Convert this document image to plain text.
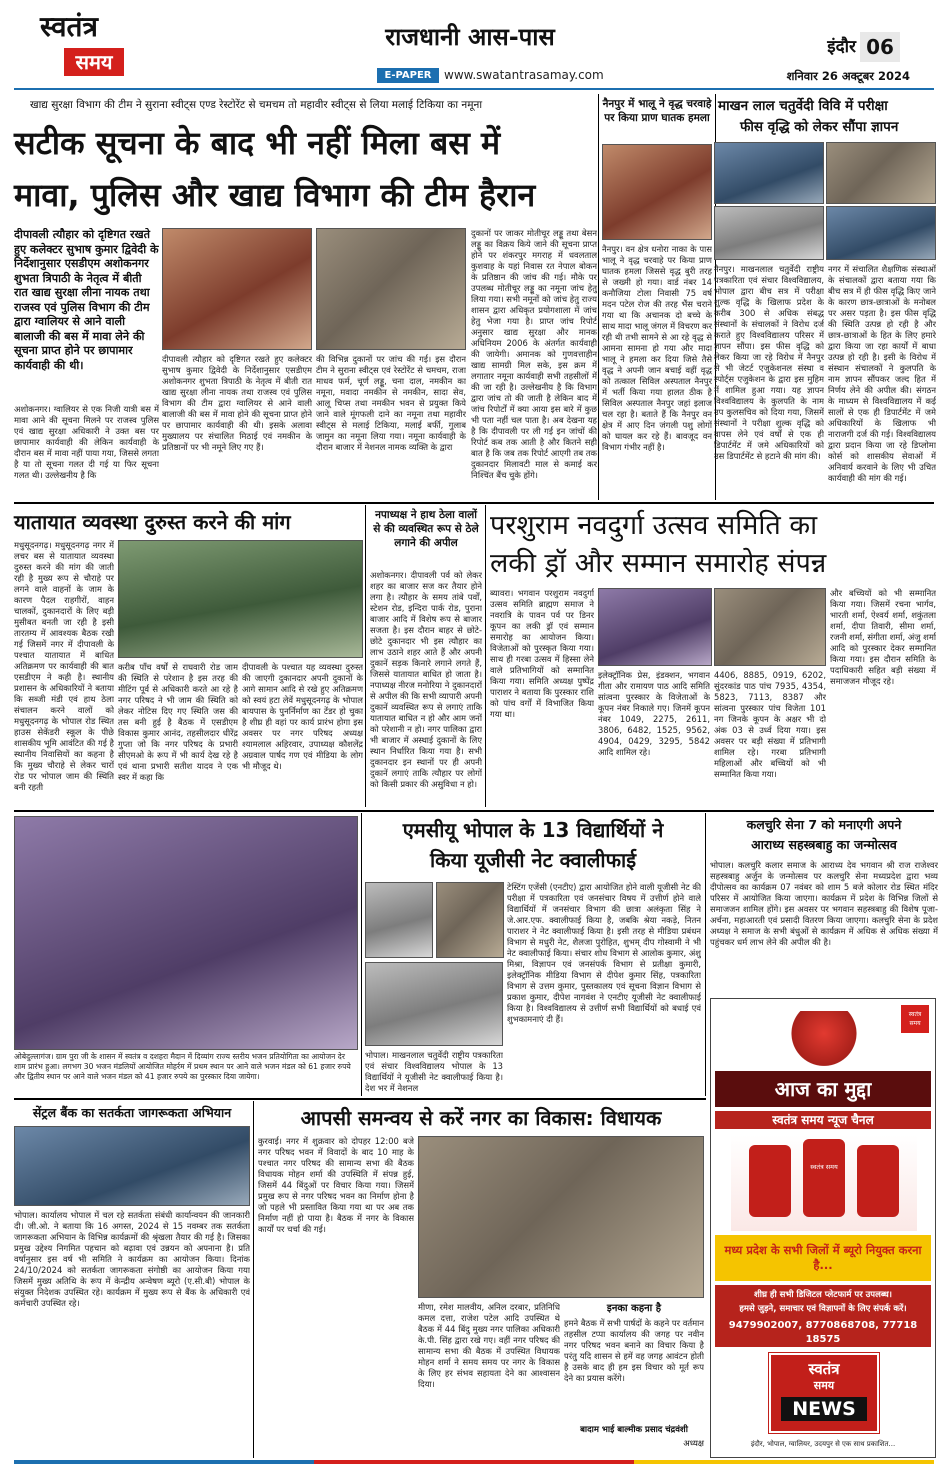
स्वतंत्र
समय
राजधानी आस-पास
E-PAPER	www.swatantrasamay.com
इंदौर 06
शनिवार 26 अक्टूबर 2024
खाद्य सुरक्षा विभाग की टीम ने सुराना स्वीट्स एण्ड रेस्टोरेंट से चमचम तो महावीर स्वीट्स से लिया मलाई टिकिया का नमूना
सटीक सूचना के बाद भी नहीं मिला बस में
मावा, पुलिस और खाद्य विभाग की टीम हैरान
दीपावली त्यौहार को दृष्टिगत रखते हुए कलेक्टर सुभाष कुमार द्विवेदी के निर्देशानुसार एसडीएम अशोकनगर शुभता त्रिपाठी के नेतृत्व में बीती रात खाद्य सुरक्षा लीना नायक तथा राजस्व एवं पुलिस विभाग की टीम द्वारा ग्वालियर से आने वाली बालाजी की बस में मावा लेने की सूचना प्राप्त होने पर छापामार कार्यवाही की थी।
अशोकनगर। ग्वालियर से एक निजी यात्री बस में मावा आने की सूचना मिलने पर राजस्व पुलिस एवं खाद्य सुरक्षा अधिकारी ने उक्त बस पर छापामार कार्यवाही की लेकिन कार्यवाही के दौरान बस में मावा नहीं पाया गया, जिससे लगता है या तो सूचना गलत दी गई या फिर सूचना गलत थी। उल्लेखनीय है कि
दीपावली त्यौहार को दृष्टिगत रखते हुए कलेक्टर सुभाष कुमार द्विवेदी के निर्देशानुसार एसडीएम अशोकनगर शुभता त्रिपाठी के नेतृत्व में बीती रात खाद्य सुरक्षा लीना नायक तथा राजस्व एवं पुलिस विभाग की टीम द्वारा ग्वालियर से आने वाली बालाजी की बस में मावा होने की सूचना प्राप्त होने पर छापामार कार्यवाही की थी। इसके अलावा मुख्यालय पर संचालित मिठाई एवं नमकीन के प्रतिष्ठानों पर भी नमूने लिए गए हैं।
की विभिन्न दुकानों पर जांच की गई। इस दौरान टीम ने सुराना स्वीट्स एवं रेस्टोरेंट से चमचम, राजा माधव फर्म, चूर्ण लड्डू, चना दाल, नमकीन का नमूना, मवादा नमकीन से नमकीन, सादा सेव, आलू चिप्स तथा नमकीन भवन से प्रयुक्त किये जाने वाले मूंगफली दाने का नमूना तथा महावीर स्वीट्स से मलाई टिकिया, मलाई बर्फी, गुलाब जामुन का नमूना लिया गया। नमूना कार्यवाही के दौरान बाजार में नेशनल नामक व्यक्ति के द्वारा
दुकानों पर जाकर मोतीचूर लड्डू तथा बेसन लड्डू का विक्रय किये जाने की सूचना प्राप्त होने पर शंकरपुर मगराह में धवलताल कुशवाह के यहां निवास रत नेपाल बोकन के प्रतिष्ठान की जांच की गई। मौके पर उपलब्ध मोतीचूर लड्डू का नमूना जांच हेतु लिया गया। सभी नमूनों को जांच हेतु राज्य शासन द्वारा अधिकृत प्रयोगशाला में जांच हेतु भेजा गया है। प्राप्त जांच रिपोर्ट अनुसार खाद्य सुरक्षा और मानक अधिनियम 2006 के अंतर्गत कार्यवाही की जायेगी। अमानक को गुणवत्ताहीन खाद्य सामग्री मिल सके, इस क्रम में लगातार नमूना कार्यवाही सभी तहसीलों में की जा रही है। उल्लेखनीय है कि विभाग द्वारा जांच तो की जाती है लेकिन बाद में जांच रिपोर्टों में क्या आया इस बारे में कुछ भी पता नहीं चल पाता है। अब देखना यह है कि दीपावली पर ली गई इन जांचों की रिपोर्ट कब तक आती है और कितने सही बात है कि जब तक रिपोर्ट आएगी तब तक दुकानदार मिलावटी माल से कमाई कर निश्चिंत बैंच चुके होंगे।
नैनपुर में भालू ने वृद्ध चरवाहे पर किया प्राण घातक हमला
नैनपुर। वन क्षेत्र धनोरा नाका के पास भालू ने वृद्ध चरवाहे पर किया प्राण घातक हमला जिससे वृद्ध बुरी तरह से जख्मी हो गया। वार्ड नंबर 14 कनौजिया टोला निवासी 75 वर्ष मदन पटेल रोज की तरह भैंस चराने गया था कि अचानक दो बच्चे के साथ मादा भालू जंगल में विचरण कर रही थी तभी सामने से आ रहे वृद्ध से आमना सामना हो गया और मादा भालू ने हमला कर दिया जिसे तैसे वृद्ध ने अपनी जान बचाई वहीं वृद्ध को तत्काल सिविल अस्पताल नैनपुर में भर्ती किया गया हालत ठीक है सिविल अस्पताल नैनपुर जहां इलाज चल रहा है। बताते हैं कि नैनपुर वन क्षेत्र में आए दिन जंगली पशु लोगों को घायल कर रहे हैं। बावजूद वन विभाग गंभीर नहीं है।
माखन लाल चतुर्वेदी विवि में परीक्षा
फीस वृद्धि को लेकर सौंपा ज्ञापन
नैनपुर। माखनलाल चतुर्वेदी राष्ट्रीय पत्रकारिता एवं संचार विश्वविद्यालय, भोपाल द्वारा बीच सत्र में परीक्षा शुल्क वृद्धि के खिलाफ प्रदेश के करीब 300 से अधिक संबद्ध संस्थानों के संचालकों ने विरोध दर्ज कराते हुए विश्वविद्यालय परिसर में ज्ञापन सौंपा। इस फीस वृद्धि को लेकर किया जा रहे विरोध में नैनपुर से भी जेटर्ट एजुकेशनल संस्था व स्पोर्ट्स एजुकेशन के द्वारा इस मुहिम में शामिल हुआ गया। यह ज्ञापन विश्वविद्यालय के कुलपति के नाम उप कुलसचिव को दिया गया, जिसमें संस्थानों ने परीक्षा शुल्क वृद्धि को वापस लेने एवं वर्षों से एक ही डिपार्टमेंट में जमे अधिकारियों को उस डिपार्टमेंट से हटाने की मांग की।
नगर में संचालित शैक्षणिक संस्थाओं के संचालकों द्वारा बताया गया कि बीच सत्र में ही फीस वृद्धि किए जाने के कारण छात्र-छात्राओं के मनोबल पर असर पड़ता है। इस फीस वृद्धि की स्थिति उत्पन्न हो रही है और छात्र-छात्राओं के हित के लिए हमारे द्वारा किया जा रहा कार्यों में बाधा उत्पन्न हो रही है। इसी के विरोध में संस्थान संचालकों ने कुलपति के नाम ज्ञापन सौंपकर जल्द हित में निर्णय लेने की अपील की। संगठन के माध्यम से विश्वविद्यालय में कई सालों से एक ही डिपार्टमेंट में जमे अधिकारियों के खिलाफ भी नाराजगी दर्ज की गई। विश्वविद्यालय द्वारा प्रदान किया जा रहे डिप्लोमा कोर्स को शासकीय सेवाओं में अनिवार्य करवाने के लिए भी उचित कार्यवाही की मांग की गई।
यातायात व्यवस्था दुरुस्त करने की मांग
मधुसूदनगढ़। मधुसूदनगढ़ नगर में लचर बस से यातायात व्यवस्था दुरुस्त करने की मांग की जाती रही है मुख्य रूप से चौराहे पर लगने वाले वाहनों के जाम के कारण पैदल राहगीरों, वाहन चालकों, दुकानदारों के लिए बड़ी मुसीबत बनती जा रही है इसी तारतम्य में आवश्यक बैठक रखी गई जिसमें नगर में दीपावली के पश्चात यातायात में बाधित अतिक्रमण पर कार्यवाही की बात एसडीएम ने कही है। स्थानीय प्रशासन के अधिकारियों ने बताया कि सब्जी मंडी एवं हाथ ठेला संचालन करने वालों को मधुसूदनगढ़ के भोपाल रोड स्थित हाउस सेकेंडरी स्कूल के पीछे शासकीय भूमि आवंटित की गई है स्थानीय निवासियों का कहना है कि मुख्य चौराहे से लेकर चारों रोड पर भोपाल जाम की स्थिति बनी रहती
करीब पाँच वर्षों से राघवारी रोड जाम की स्थिति से परेशान है इस तरह की मीटिंग पूर्व से अधिकारी करते आ रहे है नगर परिषद ने भी जाम की स्थिति को लेकर नोटिस दिए गए स्थिति जस की तस बनी हुई है बैठक में एसडीएम विकास कुमार आनंद, तहसीलदार धीरेंद्र गुप्ता जो कि नगर परिषद के प्रभारी सीएमओ के रूप में भी कार्य देख रहे है एवं थाना प्रभारी सतीश यादव ने एक स्वर में कहा कि
दीपावली के पश्चात यह व्यवस्था दुरुस्त की जाएगी दुकानदार अपनी दुकानों के आगे सामान आदि से रखे हुए अतिक्रमण को स्वयं हटा लेवें मधुसूदनगढ़ के भोपाल बायपास के पुनर्निर्माण का टेंडर हो चुका है शीघ्र ही वहां पर कार्य प्रारंभ होगा इस अवसर पर नगर परिषद अध्यक्ष श्यामलाल अहिरवार, उपाध्यक्ष कौशलेंद्र अग्रवाल पार्षद गण एवं मीडिया के लोग भी मौजूद थे।
नपाध्यक्ष ने हाथ ठेला वालों से की व्यवस्थित रूप से ठेले लगाने की अपील
अशोकनगर। दीपावली पर्व को लेकर शहर का बाजार सज कर तैयार होने लगा है। त्यौहार के समय तांबे पर्वों, स्टेशन रोड, इन्दिरा पार्क रोड, पुराना बाजार आदि में विशेष रूप से बाजार सजता है। इस दौरान बाहर से छोटे-छोटे दुकानदार भी इस त्यौहार का लाभ उठाने शहर आते हैं और अपनी दुकानें सड़क किनारे लगाने लगते हैं, जिससे यातायात बाधित हो जाता है। नपाध्यक्ष नीरज मनोरिया ने दुकानदारों से अपील की कि सभी व्यापारी अपनी दुकानें व्यवस्थित रूप से लगाएं ताकि यातायात बाधित न हो और आम जनों को परेशानी न हो। नगर पालिका द्वारा भी बाजार में अस्थाई दुकानों के लिए स्थान निर्धारित किया गया है। सभी दुकानदार इन स्थानों पर ही अपनी दुकानें लगाएं ताकि त्यौहार पर लोगों को किसी प्रकार की असुविधा न हो।
परशुराम नवदुर्गा उत्सव समिति का
लकी ड्रॉ और सम्मान समारोह संपन्न
ब्यावरा। भगवान परशुराम नवदुर्गा उत्सव समिति ब्राह्मण समाज ने नवरात्रि के पावन पर्व पर डिनर कूपन का लकी ड्रॉ एवं सम्मान समारोह का आयोजन किया। विजेताओं को पुरस्कृत किया गया। साथ ही गरबा उत्सव में हिस्सा लेने वाले प्रतिभागियों को सम्मानित किया गया। समिति अध्यक्ष पुष्पेंद्र पाराशर ने बताया कि पुरस्कार राशि को पांच वर्गों में विभाजित किया गया था।
इलेक्ट्रॉनिक प्रेस, इंडक्शन, भगवान गीता और रामायण पाठ आदि समिति सांत्वना पुरस्कार के विजेताओं के कूपन नंबर निकाले गए। जिनमें कूपन नंबर 1049, 2275, 2611, 3806, 6482, 1525, 9562, 4904, 0429, 3295, 5842 आदि शामिल रहे।
4406, 8885, 0919, 6202, सुंदरकांड पाठ पांच 7935, 4354, 5823, 7113, 8387 और सांत्वना पुरस्कार पांच विजेता 101 नग जिनके कूपन के अक्षर भी दो अंक 03 से उर्ध्व दिया गया। इस अवसर पर बड़ी संख्या में प्रतिभागी शामिल रहे। गरबा प्रतिभागी महिलाओं और बच्चियों को भी सम्मानित किया गया।
और बच्चियों को भी सम्मानित किया गया। जिसमें रचना भार्गव, भारती शर्मा, ऐश्वर्य शर्मा, शकुंतला शर्मा, दीपा तिवारी, सीमा शर्मा, रजनी शर्मा, संगीता शर्मा, अंजु शर्मा आदि को पुरस्कार देकर सम्मानित किया गया। इस दौरान समिति के पदाधिकारी सहित बड़ी संख्या में समाजजन मौजूद रहे।
ओबेदुल्लागंज। ग्राम पुरा जी के शासन में स्वतंत्र व दशहरा मैदान में दिव्यांग राज्य स्तरीय भजन प्रतियोगिता का आयोजन देर शाम प्रारंभ हुआ। लगभग 30 भजन मंडलियों आयोजित मोहर्रम में प्रथम स्थान पर आने वाले भजन मंडल को 61 हजार रुपये और द्वितीय स्थान पर आने वाले भजन मंडल को 41 हजार रुपये का पुरस्कार दिया जायेगा।
एमसीयू भोपाल के 13 विद्यार्थियों ने
किया यूजीसी नेट क्वालीफाई
टेस्टिंग एजेंसी (एनटीए) द्वारा आयोजित होने वाली यूजीसी नेट की परीक्षा में पत्रकारिता एवं जनसंचार विषय में उत्तीर्ण होने वाले विद्यार्थियों में जनसंचार विभाग की छात्रा अलंकृता सिंह ने जे.आर.एफ. क्वालीफाई किया है, जबकि श्रेया नकड़े, नितन पाराशर ने नेट क्वालीफाई किया है। इसी तरह से मीडिया प्रबंधन विभाग से मधुरी नेट, शैलजा पुरोहित, शुभम्‌ दीप गोस्वामी ने भी नेट क्वालीफाई किया। संचार शोध विभाग से आलोक कुमार, अंशु मिश्रा, विज्ञापन एवं जनसंपर्क विभाग से प्रतीक्षा कुमारी, इलेक्ट्रॉनिक मीडिया विभाग से दीपेश कुमार सिंह, पत्रकारिता विभाग से उत्तम कुमार, पुस्तकालय एवं सूचना विज्ञान विभाग से प्रकाश कुमार, दीपेश नागवंश ने एनटीए यूजीसी नेट क्वालीफाई किया है। विश्वविद्यालय से उत्तीर्ण सभी विद्यार्थियों को बधाई एवं शुभकामनाएं दी हैं।
भोपाल। माखनलाल चतुर्वेदी राष्ट्रीय पत्रकारिता एवं संचार विश्वविद्यालय भोपाल के 13 विद्यार्थियों ने यूजीसी नेट क्वालीफाई किया है। देश भर में नेशनल
कलचुरि सेना 7 को मनाएगी अपने
आराध्य सहस्त्रबाहु का जन्मोत्सव
भोपाल। कलचुरि कलार समाज के आराध्य देव भगवान श्री राज राजेश्वर सहस्त्रबाहु अर्जुन के जन्मोत्सव पर कलचुरि सेना मध्यप्रदेश द्वारा भव्य दीपोत्सव का कार्यक्रम 07 नवंबर को शाम 5 बजे कोलार रोड स्थित मंदिर परिसर में आयोजित किया जाएगा। कार्यक्रम में प्रदेश के विभिन्न जिलों से समाजजन शामिल होंगे। इस अवसर पर भगवान सहस्त्रबाहु की विशेष पूजा-अर्चना, महाआरती एवं प्रसादी वितरण किया जाएगा। कलचुरि सेना के प्रदेश अध्यक्ष ने समाज के सभी बंधुओं से कार्यक्रम में अधिक से अधिक संख्या में पहुंचकर धर्म लाभ लेने की अपील की है।
स्वतंत्र
समय
आज का मुद्दा
स्वतंत्र समय न्यूज चैनल
स्वतंत्र समय
मध्य प्रदेश के सभी जिलों में ब्यूरो नियुक्त करना है...
शीघ्र ही सभी डिजिटल प्लेटफार्म पर उपलब्ध।
हमसे जुड़ने, समाचार एवं विज्ञापनों के लिए संपर्क करें।
9479902007, 8770868708, 77718 18575
स्वतंत्र
समय
NEWS
इंदौर, भोपाल, ग्वालियर, उदयपुर से एक साथ प्रकाशित...
सेंट्रल बैंक का सतर्कता जागरूकता अभियान
भोपाल। कार्यालय भोपाल में चल रहे सतर्कता संबंधी कार्यान्वयन की जानकारी दी। जी.ओ. ने बताया कि 16 अगस्त, 2024 से 15 नवम्बर तक सतर्कता जागरूकता अभियान के विभिन्न कार्यक्रमों की श्रृंखला तैयार की गई है। जिसका प्रमुख उद्देश्य निगमित पहचान को बढ़ावा एवं उन्नयन को अपनाना है। प्रति वर्षानुसार इस वर्ष भी समिति ने कार्यक्रम का आयोजन किया। दिनांक 24/10/2024 को सतर्कता जागरूकता संगोष्ठी का आयोजन किया गया जिसमें मुख्य अतिथि के रूप में केन्द्रीय अन्वेषण ब्यूरो (ए.सी.बी) भोपाल के संयुक्त निदेशक उपस्थित रहे। कार्यक्रम में मुख्य रूप से बैंक के अधिकारी एवं कर्मचारी उपस्थित रहे।
आपसी समन्वय से करें नगर का विकास: विधायक
कुरवाई। नगर में शुक्रवार को दोपहर 12:00 बजे नगर परिषद भवन में विवादों के बाद 10 माह के पश्चात नगर परिषद की सामान्य सभा की बैठक विधायक मोहन शर्मा की उपस्थिति में संपन्न हुई, जिसमें 44 बिंदुओं पर विचार किया गया। जिसमें प्रमुख रूप से नगर परिषद भवन का निर्माण होना है जो पहले भी प्रस्तावित किया गया था पर अब तक निर्माण नहीं हो पाया है। बैठक में नगर के विकास कार्यों पर चर्चा की गई।
मीणा, रमेश मालवीय, अनिल दरबार, प्रतिनिधि कमल दत्ता, राजेश पटेल आदि उपस्थित थे बैठक में 44 बिंदु मुख्य नगर पालिका अधिकारी के.पी. सिंह द्वारा रखे गए। वहीं नगर परिषद की सामान्य सभा की बैठक में उपस्थित विधायक मोहन शर्मा ने समय समय पर नगर के विकास के लिए हर संभव सहायता देने का आश्वासन दिया।
इनका कहना है
हमने बैठक में सभी पार्षदों के कहने पर वर्तमान तहसील टप्पा कार्यालय की जगह पर नवीन नगर परिषद भवन बनाने का विचार किया है परंतु यदि शासन से हमें वह जगह आवंटन होती है उसके बाद ही हम इस विचार को मूर्त रूप देने का प्रयास करेंगे।
बादाम भाई बाल्मीक प्रसाद चंद्रवंशी
अध्यक्ष
